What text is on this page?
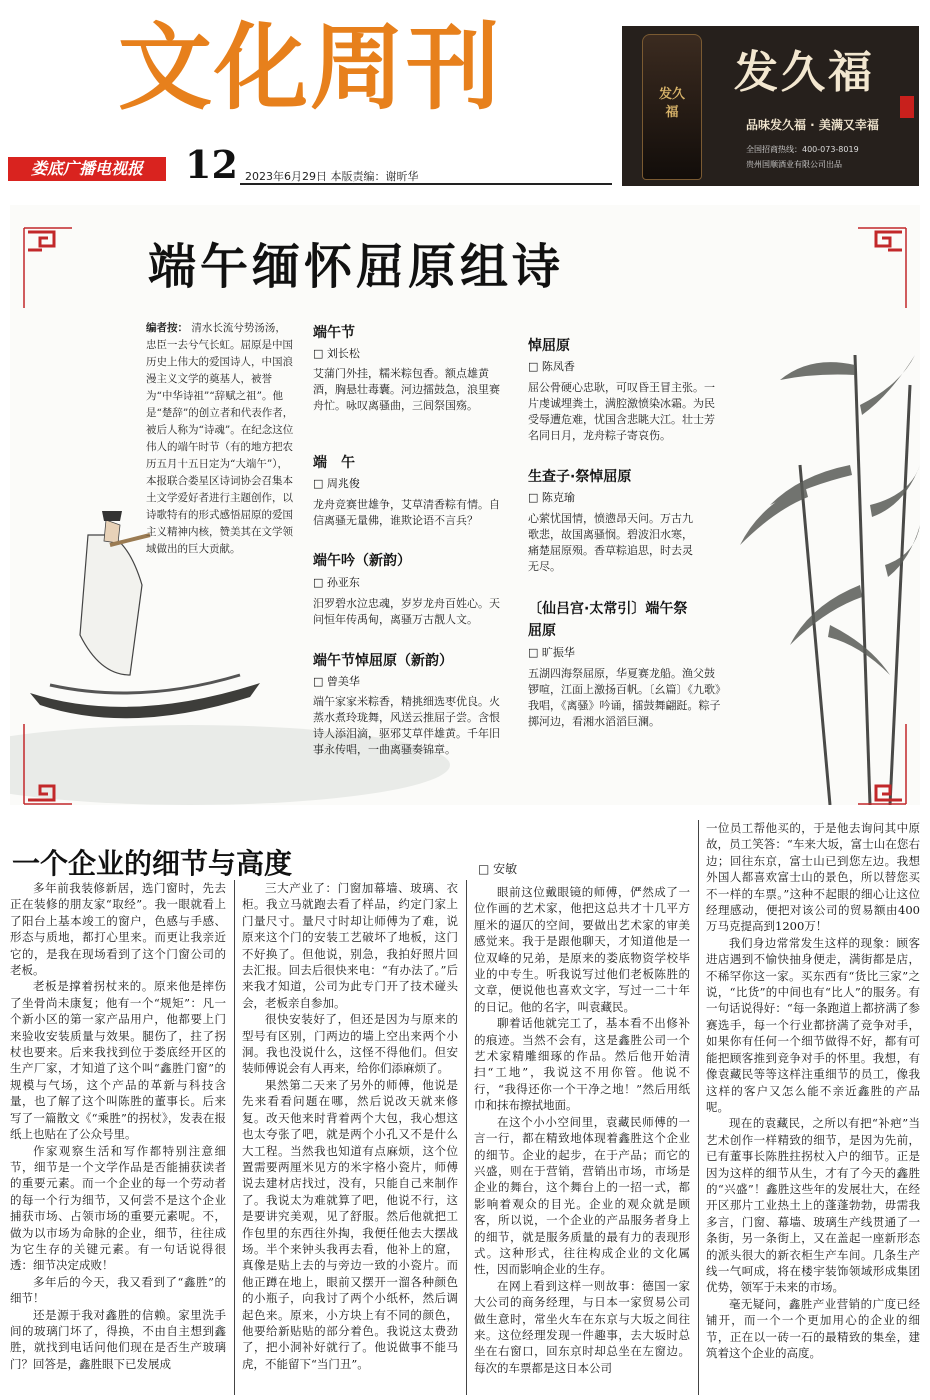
文化周刊
娄底广播电视报	12 2023年6月29日 本版责编：谢昕华
发久福
发久福
品味发久福 · 美满又幸福
全国招商热线：400-073-8019
贵州国顺酒业有限公司出品
端午缅怀屈原组诗
编者按： 清水长流兮势汤汤，忠臣一去兮气长虹。屈原是中国历史上伟大的爱国诗人，中国浪漫主义文学的奠基人，被誉为“中华诗祖”“辞赋之祖”。他是“楚辞”的创立者和代表作者，被后人称为“诗魂”。在纪念这位伟人的端午时节（有的地方把农历五月十五日定为“大端午”），本报联合娄星区诗词协会召集本土文学爱好者进行主题创作，以诗歌特有的形式感悟屈原的爱国主义精神内核，赞美其在文学领域做出的巨大贡献。
端午节
□ 刘长松
艾蒲门外挂，糯米粽包香。额点雄黄酒，胸悬壮毒囊。河边擂鼓急，浪里赛舟忙。咏叹离骚曲，三闾祭国殇。
端　午
□ 周兆俊
龙舟竞赛世雄争，艾草清香粽有情。自信离骚无量佛，谁欺论语不言兵？
端午吟（新韵）
□ 孙亚东
汨罗碧水泣忠魂，岁岁龙舟百姓心。天问恒年传禹甸，离骚万古靓人文。
端午节悼屈原（新韵）
□ 曾美华
端午家家米粽香，精挑细选枣优良。火蒸水煮玲珑舞，风送云推屈子尝。含恨诗人添泪滴，驱邪艾草伴雄黄。千年旧事永传唱，一曲离骚奏锦章。
悼屈原
□ 陈凤香
屈公骨硬心忠耿，可叹昏王冒主张。一片虔诚埋粪土，满腔激愤染冰霜。为民受辱遭危难，忧国含悲眺大江。壮士芳名同日月，龙舟粽子寄哀伤。
生查子·祭悼屈原
□ 陈克瑜
心萦忧国情，愤懑昂天问。万古九歌悲，故国离骚悯。碧波汨水寒，痛楚屈原殒。香草粽追思，时去灵无尽。
〔仙吕宫·太常引〕端午祭屈原
□ 旷振华
五湖四海祭屈原，华夏赛龙船。渔父鼓锣喧，江面上激扬百帆。〔幺篇〕《九歌》我唱，《离骚》吟诵，擂鼓舞翩跹。粽子掷河边，看湘水滔滔巨澜。
一个企业的细节与高度	□ 安敏

多年前我装修新居，选门窗时，先去正在装修的朋友家“取经”。我一眼就看上了阳台上基本竣工的窗户，色感与手感、形态与质地，都打心里来。而更让我亲近它的，是我在现场看到了这个门窗公司的老板。

老板是撑着拐杖来的。原来他是摔伤了坐骨尚未康复；他有一个“规矩”：凡一个新小区的第一家产品用户，他都要上门来验收安装质量与效果。腿伤了，拄了拐杖也要来。后来我找到位于娄底经开区的生产厂家，才知道了这个叫“鑫胜门窗”的规模与气场，这个产品的革新与科技含量，也了解了这个叫陈胜的董事长。后来写了一篇散文《“乘胜”的拐杖》，发表在报纸上也贴在了公众号里。

作家观察生活和写作都特别注意细节，细节是一个文学作品是否能捕获读者的重要元素。而一个企业的每一个劳动者的每一个行为细节，又何尝不是这个企业捕获市场、占领市场的重要元素呢。不，做为以市场为命脉的企业，细节，往往成为它生存的关键元素。有一句话说得很透：细节决定成败！

多年后的今天，我又看到了“鑫胜”的细节！

还是源于我对鑫胜的信赖。家里洗手间的玻璃门坏了，得换，不由自主想到鑫胜，就找到电话问他们现在是否生产玻璃门？回答是，鑫胜眼下已发展成

三大产业了：门窗加幕墙、玻璃、衣柜。我立马就跑去看了样品，约定门家上门量尺寸。量尺寸时却让师傅为了难，说原来这个门的安装工艺破坏了地板，这门不好换了。但他说，别急，我拍好照片回去汇报。回去后很快来电：“有办法了。”后来我才知道，公司为此专门开了技术碰头会，老板亲自参加。

很快安装好了，但还是因为与原来的型号有区别，门两边的墙上空出来两个小洞。我也没说什么，这怪不得他们。但安装师傅说会有人再来，给你们添麻烦了。

果然第二天来了另外的师傅，他说是先来看看问题在哪，然后说改天就来修复。改天他来时背着两个大包，我心想这也太夸张了吧，就是两个小孔又不是什么大工程。当然我也知道有点麻烦，这个位置需要两厘米见方的米字格小瓷片，师傅说去建材店找过，没有，只能自己来制作了。我说太为难就算了吧，他说不行，这是要讲究美观，见了舒服。然后他就把工作包里的东西往外掏，我便任他去大摆战场。半个来钟头我再去看，他补上的窟，真像是贴上去的与旁边一致的小瓷片。而他正蹲在地上，眼前又摆开一溜各种颜色的小瓶子，向我讨了两个小纸杯，然后调起色来。原来，小方块上有不同的颜色，他要给新贴贴的部分着色。我说这太费劲了，把小洞补好就行了。他说做事不能马虎，不能留下“当门丑”。

眼前这位戴眼镜的师傅，俨然成了一位作画的艺术家，他把这总共才十几平方厘米的逼仄的空间，要做出艺术家的审美感觉来。我于是跟他聊天，才知道他是一位双峰的兄弟，是原来的娄底物资学校毕业的中专生。听我说写过他们老板陈胜的文章，便说他也喜欢文字，写过一二十年的日记。他的名字，叫袁藏民。

聊着话他就完工了，基本看不出修补的痕迹。当然不会有，这是鑫胜公司一个艺术家精雕细琢的作品。然后他开始清扫“工地”，我说这不用你管。他说不行，“我得还你一个干净之地！”然后用纸巾和抹布擦拭地面。

在这个小小空间里，袁藏民师傅的一言一行，都在精致地体现着鑫胜这个企业的细节。企业的起步，在于产品；而它的兴盛，则在于营销，营销出市场，市场是企业的舞台，这个舞台上的一招一式，都影响着观众的目光。企业的观众就是顾客，所以说，一个企业的产品服务者身上的细节，就是服务质量的最有力的表现形式。这种形式，往往构成企业的文化属性，因而影响企业的生存。

在网上看到这样一则故事：德国一家大公司的商务经理，与日本一家贸易公司做生意时，常坐火车在东京与大坂之间往来。这位经理发现一件趣事，去大坂时总坐在右窗口，回东京时却总坐在左窗边。每次的车票都是这日本公司

一位员工帮他买的，于是他去询问其中原故，员工笑答：“车来大坂，富士山在您右边；回往东京，富士山已到您左边。我想外国人都喜欢富士山的景色，所以替您买不一样的车票。”这种不起眼的细心让这位经理感动，便把对该公司的贸易额由400万马克提高到1200万！

我们身边常常发生这样的现象：顾客进店遇到不愉快抽身便走，满街都是店，不稀罕你这一家。买东西有“货比三家”之说，“比货”的中间也有“比人”的服务。有一句话说得好：“每一条跑道上都挤满了参赛选手，每一个行业都挤满了竞争对手，如果你有任何一个细节做得不好，都有可能把顾客推到竞争对手的怀里。我想，有像袁藏民等等这样注重细节的员工，像我这样的客户又怎么能不亲近鑫胜的产品呢。

现在的袁藏民，之所以有把“补疤”当艺术创作一样精致的细节，是因为先前，已有董事长陈胜拄拐杖入户的细节。正是因为这样的细节从生，才有了今天的鑫胜的“兴盛”！鑫胜这些年的发展壮大，在经开区那片工业热土上的蓬蓬勃勃，毋需我多言，门窗、幕墙、玻璃生产线贯通了一条街，另一条街上，又在盖起一座新形态的派头很大的新衣柜生产车间。几条生产线一气呵成，将在楼宇装饰领域形成集团优势，领军于未来的市场。

毫无疑问，鑫胜产业营销的广度已经铺开，而一个一个更加用心的企业的细节，正在以一砖一石的最精致的集垒，建筑着这个企业的高度。
